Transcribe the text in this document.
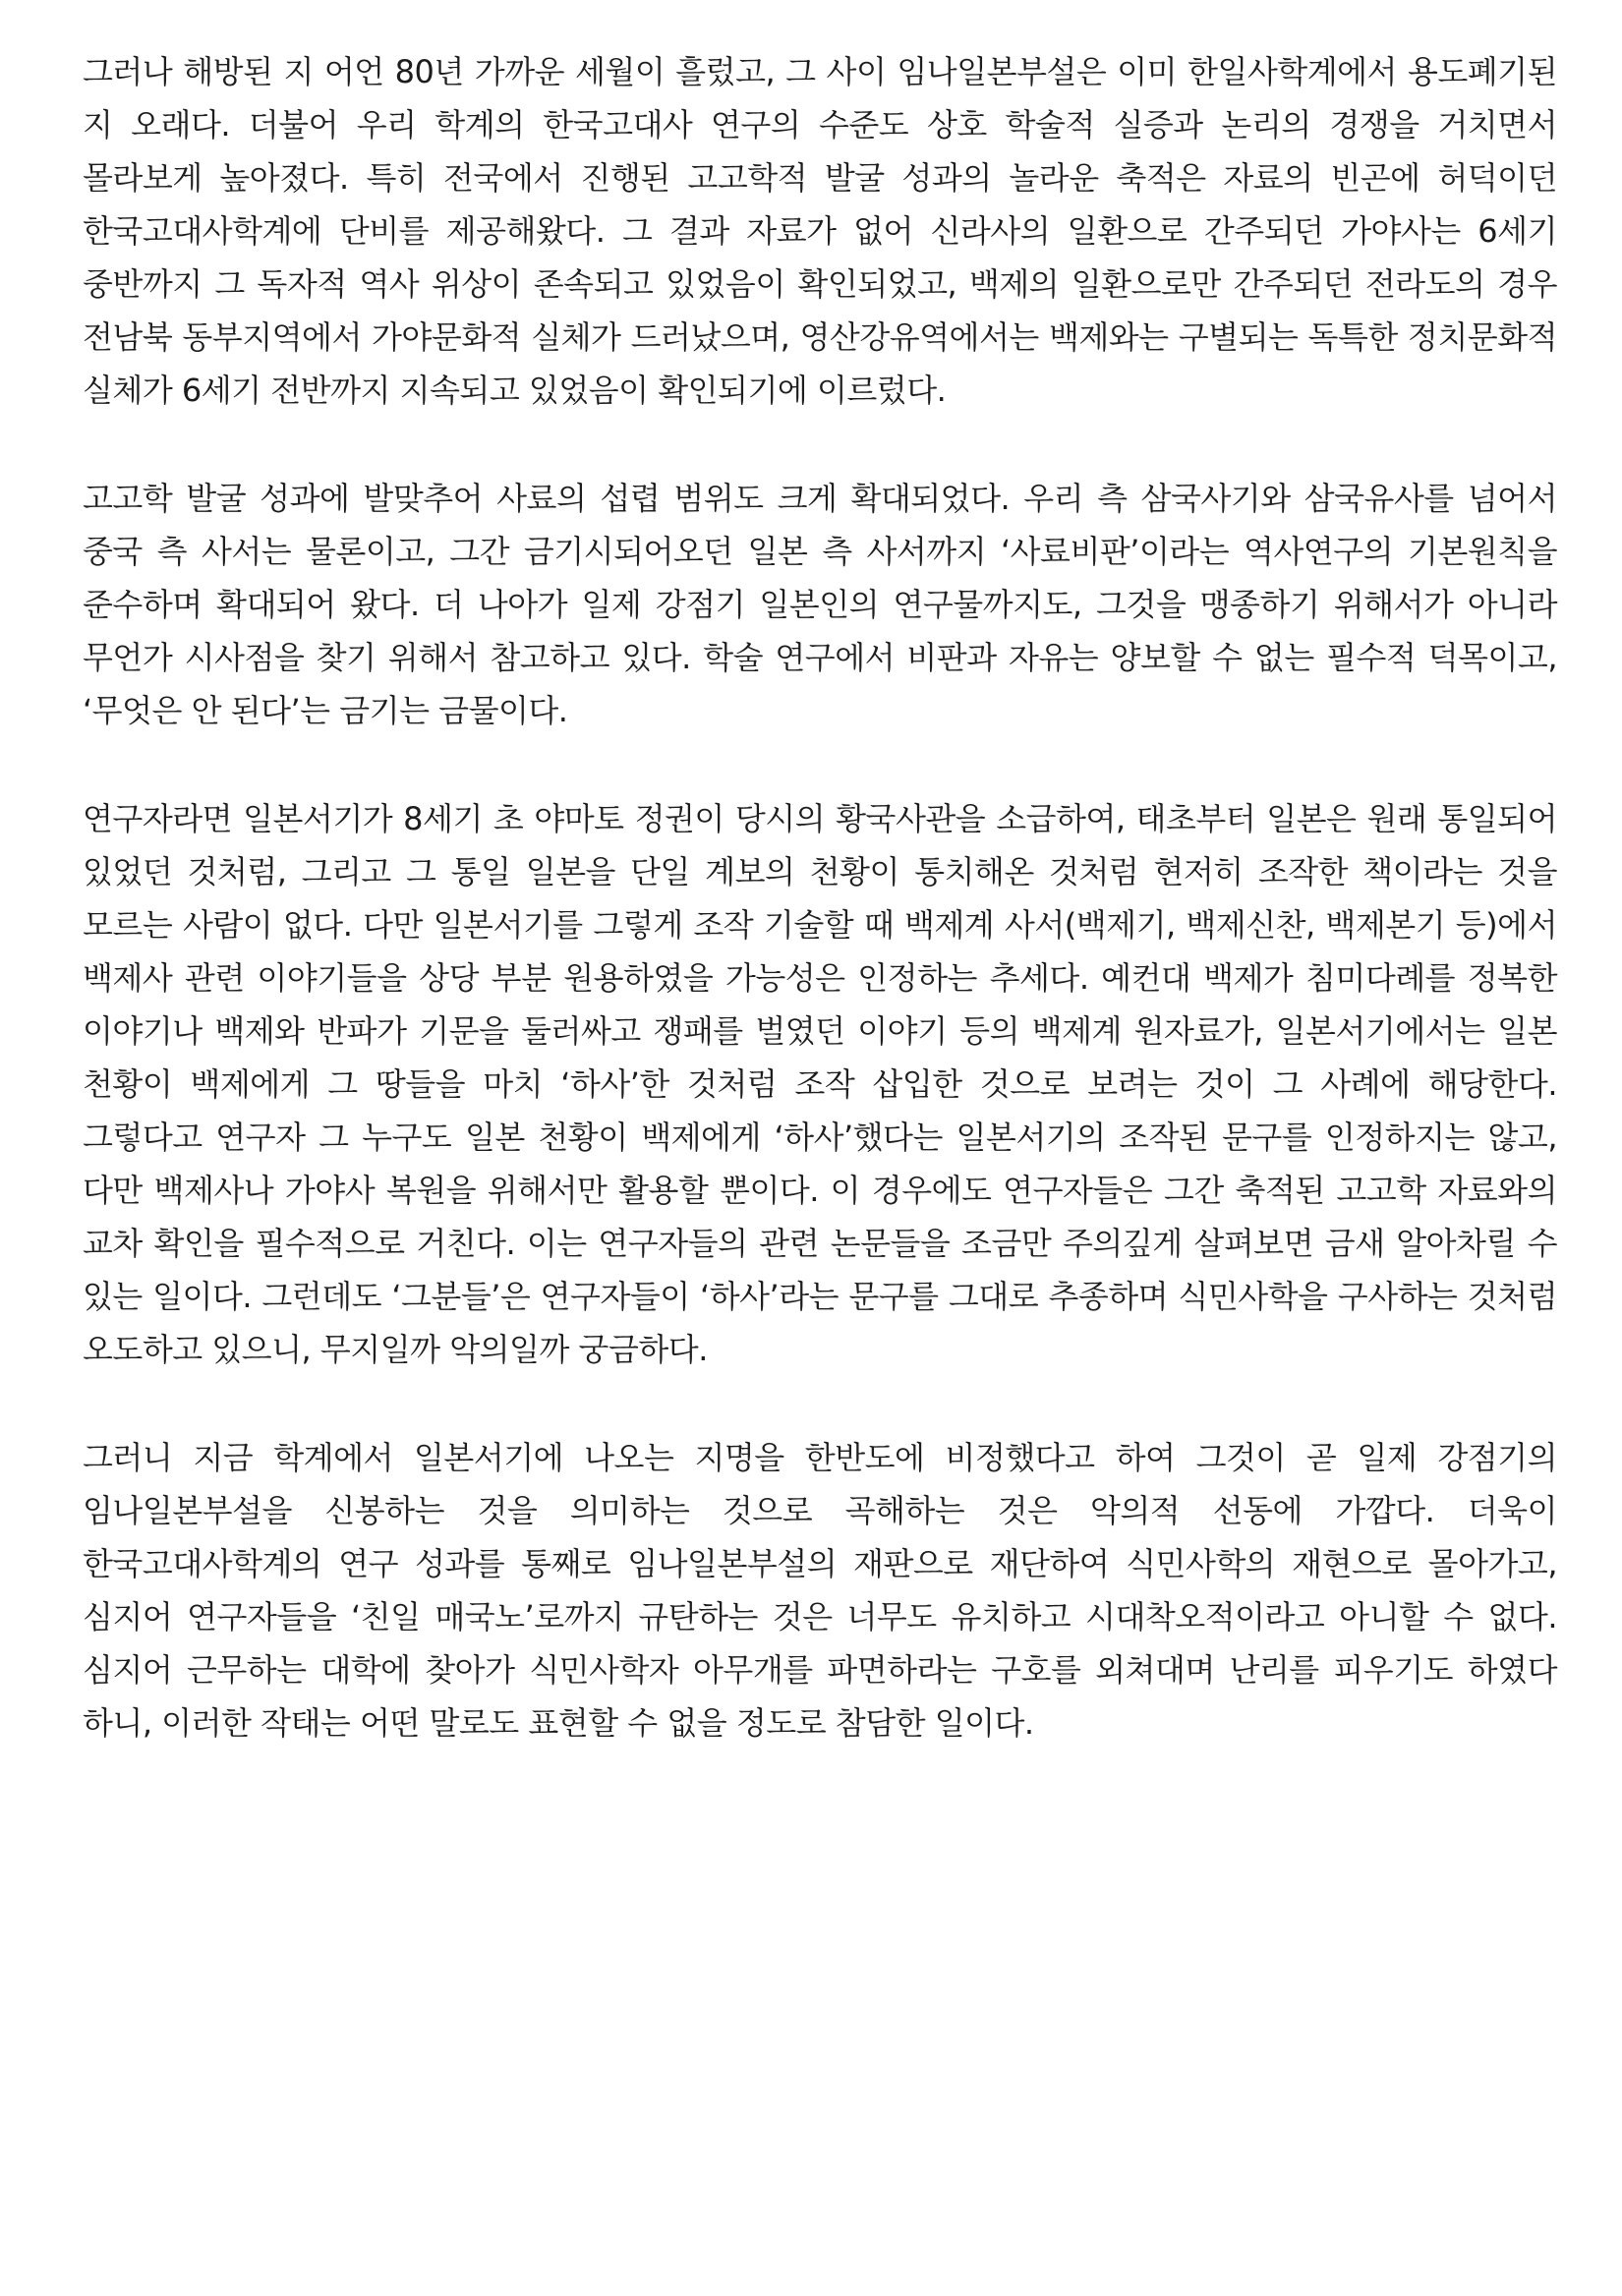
그러나 해방된 지 어언 80년 가까운 세월이 흘렀고, 그 사이 임나일본부설은 이미 한일사학계에서 용도폐기된 지 오래다. 더불어 우리 학계의 한국고대사 연구의 수준도 상호 학술적 실증과 논리의 경쟁을 거치면서 몰라보게 높아졌다. 특히 전국에서 진행된 고고학적 발굴 성과의 놀라운 축적은 자료의 빈곤에 허덕이던 한국고대사학계에 단비를 제공해왔다. 그 결과 자료가 없어 신라사의 일환으로 간주되던 가야사는 6세기 중반까지 그 독자적 역사 위상이 존속되고 있었음이 확인되었고, 백제의 일환으로만 간주되던 전라도의 경우 전남북 동부지역에서 가야문화적 실체가 드러났으며, 영산강유역에서는 백제와는 구별되는 독특한 정치문화적 실체가 6세기 전반까지 지속되고 있었음이 확인되기에 이르렀다.

고고학 발굴 성과에 발맞추어 사료의 섭렵 범위도 크게 확대되었다. 우리 측 삼국사기와 삼국유사를 넘어서 중국 측 사서는 물론이고, 그간 금기시되어오던 일본 측 사서까지 ‘사료비판’이라는 역사연구의 기본원칙을 준수하며 확대되어 왔다. 더 나아가 일제 강점기 일본인의 연구물까지도, 그것을 맹종하기 위해서가 아니라 무언가 시사점을 찾기 위해서 참고하고 있다. 학술 연구에서 비판과 자유는 양보할 수 없는 필수적 덕목이고, ‘무엇은 안 된다’는 금기는 금물이다.

연구자라면 일본서기가 8세기 초 야마토 정권이 당시의 황국사관을 소급하여, 태초부터 일본은 원래 통일되어 있었던 것처럼, 그리고 그 통일 일본을 단일 계보의 천황이 통치해온 것처럼 현저히 조작한 책이라는 것을 모르는 사람이 없다. 다만 일본서기를 그렇게 조작 기술할 때 백제계 사서(백제기, 백제신찬, 백제본기 등)에서 백제사 관련 이야기들을 상당 부분 원용하였을 가능성은 인정하는 추세다. 예컨대 백제가 침미다례를 정복한 이야기나 백제와 반파가 기문을 둘러싸고 쟁패를 벌였던 이야기 등의 백제계 원자료가, 일본서기에서는 일본 천황이 백제에게 그 땅들을 마치 ‘하사’한 것처럼 조작 삽입한 것으로 보려는 것이 그 사례에 해당한다. 그렇다고 연구자 그 누구도 일본 천황이 백제에게 ‘하사’했다는 일본서기의 조작된 문구를 인정하지는 않고, 다만 백제사나 가야사 복원을 위해서만 활용할 뿐이다. 이 경우에도 연구자들은 그간 축적된 고고학 자료와의 교차 확인을 필수적으로 거친다. 이는 연구자들의 관련 논문들을 조금만 주의깊게 살펴보면 금새 알아차릴 수 있는 일이다. 그런데도 ‘그분들’은 연구자들이 ‘하사’라는 문구를 그대로 추종하며 식민사학을 구사하는 것처럼 오도하고 있으니, 무지일까 악의일까 궁금하다.

그러니 지금 학계에서 일본서기에 나오는 지명을 한반도에 비정했다고 하여 그것이 곧 일제 강점기의 임나일본부설을 신봉하는 것을 의미하는 것으로 곡해하는 것은 악의적 선동에 가깝다. 더욱이 한국고대사학계의 연구 성과를 통째로 임나일본부설의 재판으로 재단하여 식민사학의 재현으로 몰아가고, 심지어 연구자들을 ‘친일 매국노’로까지 규탄하는 것은 너무도 유치하고 시대착오적이라고 아니할 수 없다. 심지어 근무하는 대학에 찾아가 식민사학자 아무개를 파면하라는 구호를 외쳐대며 난리를 피우기도 하였다 하니, 이러한 작태는 어떤 말로도 표현할 수 없을 정도로 참담한 일이다.
